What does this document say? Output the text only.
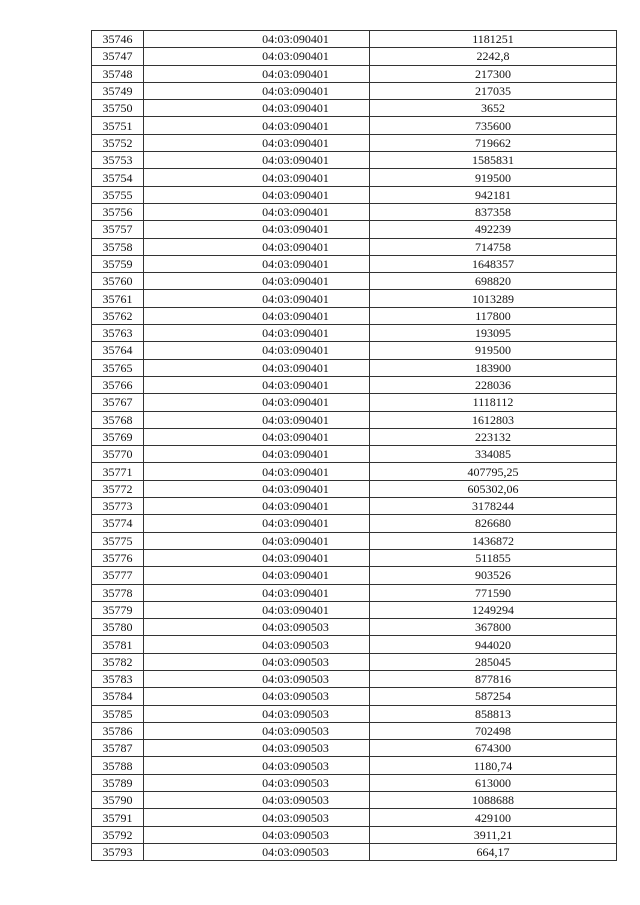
35746	04:03:090401	1181251
35747	04:03:090401	2242,8
35748	04:03:090401	217300
35749	04:03:090401	217035
35750	04:03:090401	3652
35751	04:03:090401	735600
35752	04:03:090401	719662
35753	04:03:090401	1585831
35754	04:03:090401	919500
35755	04:03:090401	942181
35756	04:03:090401	837358
35757	04:03:090401	492239
35758	04:03:090401	714758
35759	04:03:090401	1648357
35760	04:03:090401	698820
35761	04:03:090401	1013289
35762	04:03:090401	117800
35763	04:03:090401	193095
35764	04:03:090401	919500
35765	04:03:090401	183900
35766	04:03:090401	228036
35767	04:03:090401	1118112
35768	04:03:090401	1612803
35769	04:03:090401	223132
35770	04:03:090401	334085
35771	04:03:090401	407795,25
35772	04:03:090401	605302,06
35773	04:03:090401	3178244
35774	04:03:090401	826680
35775	04:03:090401	1436872
35776	04:03:090401	511855
35777	04:03:090401	903526
35778	04:03:090401	771590
35779	04:03:090401	1249294
35780	04:03:090503	367800
35781	04:03:090503	944020
35782	04:03:090503	285045
35783	04:03:090503	877816
35784	04:03:090503	587254
35785	04:03:090503	858813
35786	04:03:090503	702498
35787	04:03:090503	674300
35788	04:03:090503	1180,74
35789	04:03:090503	613000
35790	04:03:090503	1088688
35791	04:03:090503	429100
35792	04:03:090503	3911,21
35793	04:03:090503	664,17
